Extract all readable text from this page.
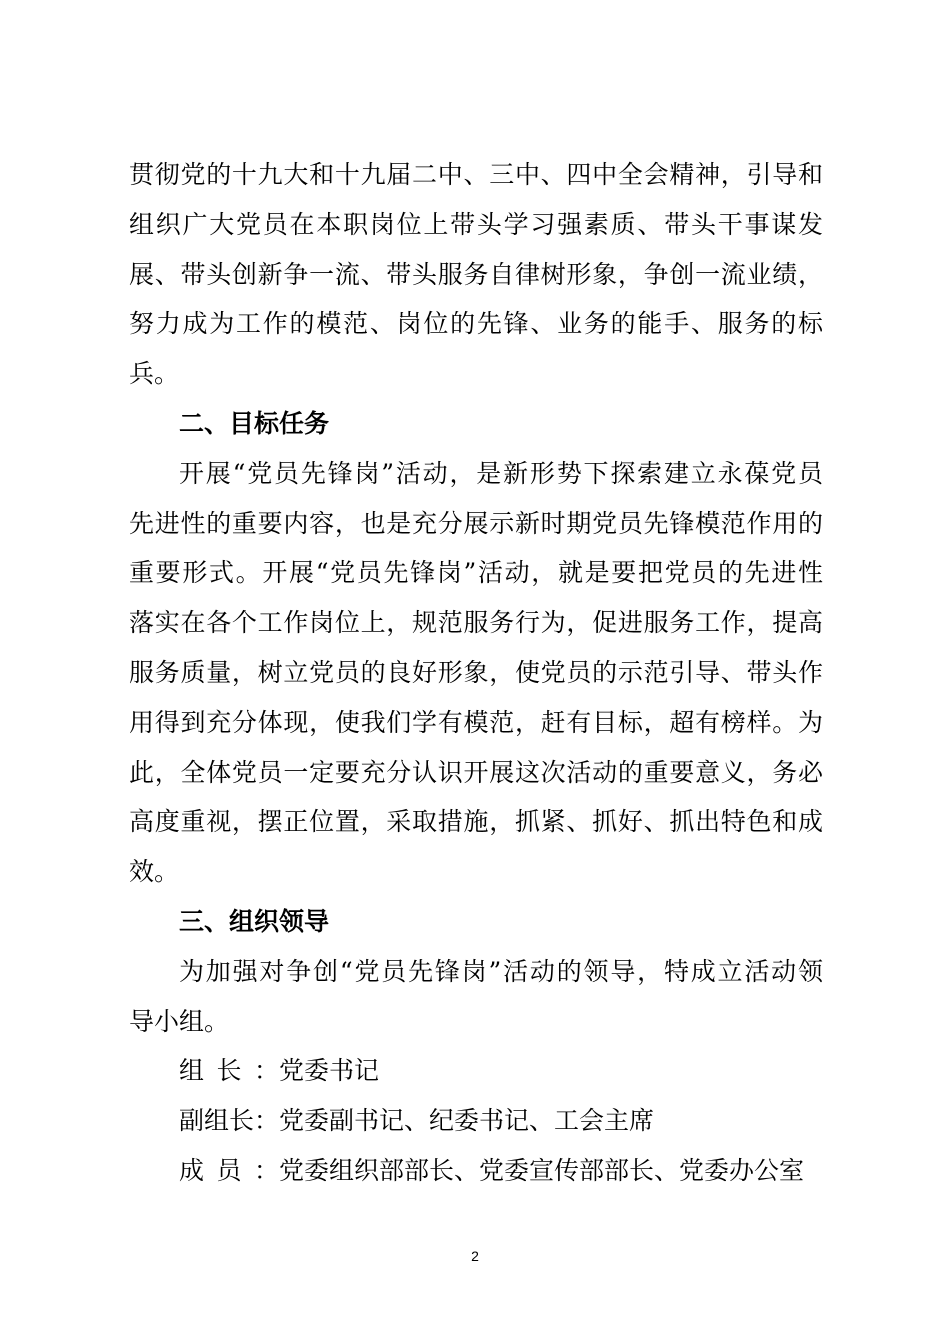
贯彻党的十九大和十九届二中、三中、四中全会精神，引导和
组织广大党员在本职岗位上带头学习强素质、带头干事谋发
展、带头创新争一流、带头服务自律树形象，争创一流业绩，
努力成为工作的模范、岗位的先锋、业务的能手、服务的标
兵。
二、目标任务
开展“党员先锋岗”活动，是新形势下探索建立永葆党员
先进性的重要内容，也是充分展示新时期党员先锋模范作用的
重要形式。开展“党员先锋岗”活动，就是要把党员的先进性
落实在各个工作岗位上，规范服务行为，促进服务工作，提高
服务质量，树立党员的良好形象，使党员的示范引导、带头作
用得到充分体现，使我们学有模范，赶有目标，超有榜样。为
此，全体党员一定要充分认识开展这次活动的重要意义，务必
高度重视，摆正位置，采取措施，抓紧、抓好、抓出特色和成
效。
三、组织领导
为加强对争创“党员先锋岗”活动的领导，特成立活动领
导小组。
组长：党委书记
副组长：党委副书记、纪委书记、工会主席
成员：党委组织部部长、党委宣传部部长、党委办公室
2
